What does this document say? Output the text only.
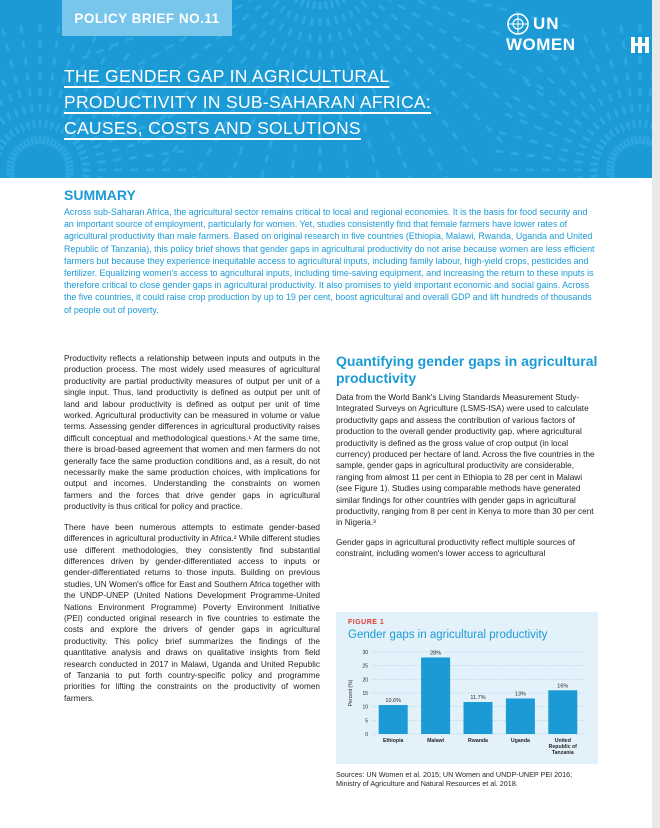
POLICY BRIEF NO.11	UN
WOMEN
THE GENDER GAP IN AGRICULTURAL
PRODUCTIVITY IN SUB-SAHARAN AFRICA:
CAUSES, COSTS AND SOLUTIONS
SUMMARY

Across sub-Saharan Africa, the agricultural sector remains critical to local and regional economies. It is the basis for food security and an important source of employment, particularly for women. Yet, studies consistently find that female farmers have lower rates of agricultural productivity than male farmers. Based on original research in five countries (Ethiopia, Malawi, Rwanda, Uganda and United Republic of Tanzania), this policy brief shows that gender gaps in agricultural productivity do not arise because women are less efficient farmers but because they experience inequitable access to agricultural inputs, including family labour, high-yield crops, pesticides and fertilizer. Equalizing women's access to agricultural inputs, including time-saving equipment, and increasing the return to these inputs is therefore critical to close gender gaps in agricultural productivity. It also promises to yield important economic and social gains. Across the five countries, it could raise crop production by up to 19 per cent, boost agricultural and overall GDP and lift hundreds of thousands of people out of poverty.

Productivity reflects a relationship between inputs and outputs in the production process. The most widely used measures of agricultural productivity are partial productivity measures of output per unit of a single input. Thus, land productivity is defined as output per unit of land and labour productivity is defined as output per unit of time worked. Agricultural productivity can be measured in volume or value terms. Assessing gender differences in agricultural productivity raises difficult conceptual and methodological questions.¹ At the same time, there is broad-based agreement that women and men farmers do not generally face the same production conditions and, as a result, do not necessarily make the same production choices, with implications for output and incomes. Understanding the constraints on women farmers and the forces that drive gender gaps in agricultural productivity is thus critical for policy and practice.

There have been numerous attempts to estimate gender-based differences in agricultural productivity in Africa.² While different studies use different methodologies, they consistently find substantial differences driven by gender-differentiated access to inputs or gender-differentiated returns to those inputs. Building on previous studies, UN Women's office for East and Southern Africa together with the UNDP-UNEP (United Nations Development Programme-United Nations Environment Programme) Poverty Environment Initiative (PEI) conducted original research in five countries to estimate the costs and explore the drivers of gender gaps in agricultural productivity. This policy brief summarizes the findings of the quantitative analysis and draws on qualitative insights from field research conducted in 2017 in Malawi, Uganda and United Republic of Tanzania to put forth country-specific policy and programme priorities for lifting the constraints on the productivity of women farmers.

Quantifying gender gaps in agricultural productivity

Data from the World Bank's Living Standards Measurement Study-Integrated Surveys on Agriculture (LSMS-ISA) were used to calculate productivity gaps and assess the contribution of various factors of production to the overall gender productivity gap, where agricultural productivity is defined as the gross value of crop output (in local currency) produced per hectare of land. Across the five countries in the sample, gender gaps in agricultural productivity are considerable, ranging from almost 11 per cent in Ethiopia to 28 per cent in Malawi (see Figure 1). Studies using comparable methods have generated similar findings for other countries with gender gaps in agricultural productivity, ranging from 8 per cent in Kenya to more than 30 per cent in Nigeria.³

Gender gaps in agricultural productivity reflect multiple sources of constraint, including women's lower access to agricultural

FIGURE 1
Gender gaps in agricultural productivity
0
5
10
15
20
25
30
Percent (%)	10.6%
Ethiopia
28%
Malawi
11.7%
Rwanda
13%
Uganda
16%
United
Republic of
Tanzania

Sources: UN Women et al. 2015; UN Women and UNDP-UNEP PEI 2016; Ministry of Agriculture and Natural Resources et al. 2018.
